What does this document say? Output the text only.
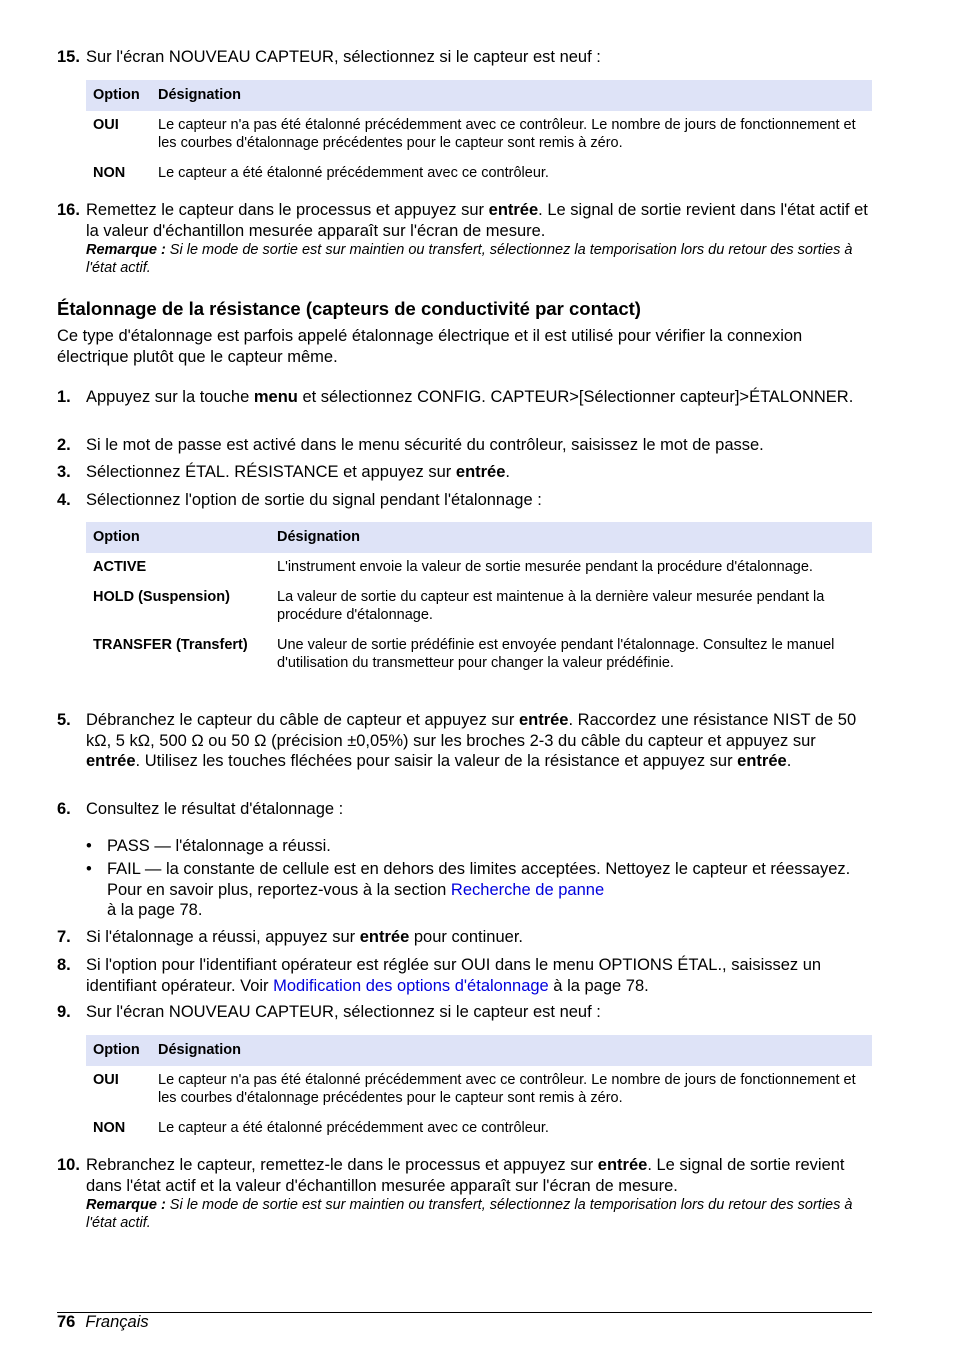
15. Sur l'écran NOUVEAU CAPTEUR, sélectionnez si le capteur est neuf :
Option	Désignation
OUI	Le capteur n'a pas été étalonné précédemment avec ce contrôleur. Le nombre de jours de fonctionnement et les courbes d'étalonnage précédentes pour le capteur sont remis à zéro.
NON	Le capteur a été étalonné précédemment avec ce contrôleur.
16. Remettez le capteur dans le processus et appuyez sur entrée. Le signal de sortie revient dans l'état actif et la valeur d'échantillon mesurée apparaît sur l'écran de mesure.
Remarque : Si le mode de sortie est sur maintien ou transfert, sélectionnez la temporisation lors du retour des sorties à l'état actif.
Étalonnage de la résistance (capteurs de conductivité par contact)
Ce type d'étalonnage est parfois appelé étalonnage électrique et il est utilisé pour vérifier la connexion électrique plutôt que le capteur même.
1. Appuyez sur la touche menu et sélectionnez CONFIG. CAPTEUR>[Sélectionner capteur]>ÉTALONNER.
2. Si le mot de passe est activé dans le menu sécurité du contrôleur, saisissez le mot de passe.
3. Sélectionnez ÉTAL. RÉSISTANCE et appuyez sur entrée.
4. Sélectionnez l'option de sortie du signal pendant l'étalonnage :
Option	Désignation
ACTIVE	L'instrument envoie la valeur de sortie mesurée pendant la procédure d'étalonnage.
HOLD (Suspension)	La valeur de sortie du capteur est maintenue à la dernière valeur mesurée pendant la procédure d'étalonnage.
TRANSFER (Transfert)	Une valeur de sortie prédéfinie est envoyée pendant l'étalonnage. Consultez le manuel d'utilisation du transmetteur pour changer la valeur prédéfinie.
5. Débranchez le capteur du câble de capteur et appuyez sur entrée. Raccordez une résistance NIST de 50 kΩ, 5 kΩ, 500 Ω ou 50 Ω (précision ±0,05%) sur les broches 2-3 du câble du capteur et appuyez sur entrée. Utilisez les touches fléchées pour saisir la valeur de la résistance et appuyez sur entrée.
6. Consultez le résultat d'étalonnage :
• PASS — l'étalonnage a réussi.
• FAIL — la constante de cellule est en dehors des limites acceptées. Nettoyez le capteur et réessayez. Pour en savoir plus, reportez-vous à la section Recherche de panne
à la page 78.
7. Si l'étalonnage a réussi, appuyez sur entrée pour continuer.
8. Si l'option pour l'identifiant opérateur est réglée sur OUI dans le menu OPTIONS ÉTAL., saisissez un identifiant opérateur. Voir Modification des options d'étalonnage à la page 78.
9. Sur l'écran NOUVEAU CAPTEUR, sélectionnez si le capteur est neuf :
Option	Désignation
OUI	Le capteur n'a pas été étalonné précédemment avec ce contrôleur. Le nombre de jours de fonctionnement et les courbes d'étalonnage précédentes pour le capteur sont remis à zéro.
NON	Le capteur a été étalonné précédemment avec ce contrôleur.
10. Rebranchez le capteur, remettez-le dans le processus et appuyez sur entrée. Le signal de sortie revient dans l'état actif et la valeur d'échantillon mesurée apparaît sur l'écran de mesure.
Remarque : Si le mode de sortie est sur maintien ou transfert, sélectionnez la temporisation lors du retour des sorties à l'état actif.
76 Français
